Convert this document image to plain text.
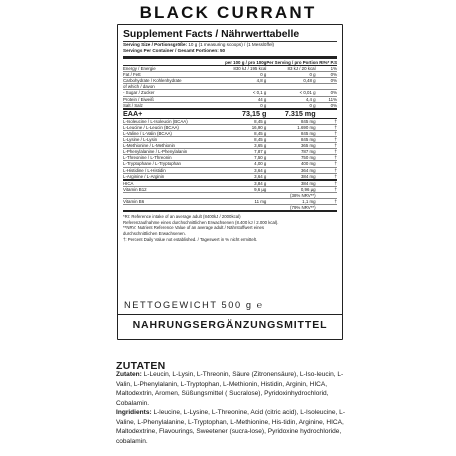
BLACK CURRANT
Supplement Facts / Nährwerttabelle
Serving Size / Portionsgröße: 10 g (1 measuring scoops) / (1 Messlöffel)
Servings Per Container / Gesamt Portionen: 50
	per 100 g / pro 100g	Per Serving / pro Portion	RI%* P.S
Energy / Energie	830 kJ / 195 kcal	83 kJ / 20 kcal	1%
Fat / Fett	0 g	0 g	0%
Carbohydrate / Kohlenhydrate	4,8 g	0,48 g	0%
of which / davon			
- Sugar / Zucker	< 0,1 g	< 0,01 g	0%
Protein / Eiweiß	44 g	4,4 g	11%
Salt / Salz	0 g	0 g	0%
EAA+	73,15 g	7.315 mg	
L-Isoleucine / L-Isoleucin (BCAA)	8,45 g	845 mg	†
L-Leucine / L-Leucin (BCAA)	16,90 g	1.690 mg	†
L-Valine / L-Valin (BCAA)	8,45 g	845 mg	†
L-Lysine / L-Lysin	8,45 g	845 mg	†
L-Methionine / L-Methionin	3,65 g	365 mg	†
L-Phenylalanine / L-Phenylalanin	7,87 g	787 mg	†
L-Threonine / L-Threonin	7,50 g	750 mg	†
L-Tryptophane / L-Tryptophan	4,00 g	400 mg	†
L-Histidine / L-Histidin	3,64 g	364 mg	†
L-Arginine / L-Arginin	3,64 g	384 mg	†
HICA	3,84 g	384 mg	†
Vitamin B12	9,6 µg	0,96 µg	†
		(38% NRV**)	
Vitamin B6	11 mg	1,1 mg	†
		(79% NRV**)	
*RI: Reference intake of an average adult (8400kJ / 2000kcal)
Referenzaufnahme eines durchschnittlichen Erwachsenen (8.400 kJ / 2.000 kcal).
**NRV: Nutrient Reference Value of an average adult / Nährstoffwert eines
durchschnittlichen Erwachsenen.
†: Percent Daily Value not established. / Tageswert in % nicht ermittelt.
NETTOGEWICHT 500 g ℮
NAHRUNGSERGÄNZUNGSMITTEL
ZUTATEN
Zutaten: L-Leucin, L-Lysin, L-Threonin, Säure (Zitronensäure), L-Iso-leucin, L-Valin, L-Phenylalanin, L-Tryptophan, L-Methionin, Histidin, Arginin, HICA, Maltodextrin, Aromen, Süßungsmittel ( Sucralose), Pyridoxinhydrochlorid, Cobalamin.
Ingridients: L-leucine, L-Lysine, L-Threonine, Acid (citric acid), L-Isoleucine, L-Valine, L-Phenylalanine, L-Tryptophan, L-Methionine, His-tidin, Arginine, HICA, Maltodextrine, Flavourings, Sweetener (sucra-lose), Pyridoxine hydrochloride, cobalamin.
